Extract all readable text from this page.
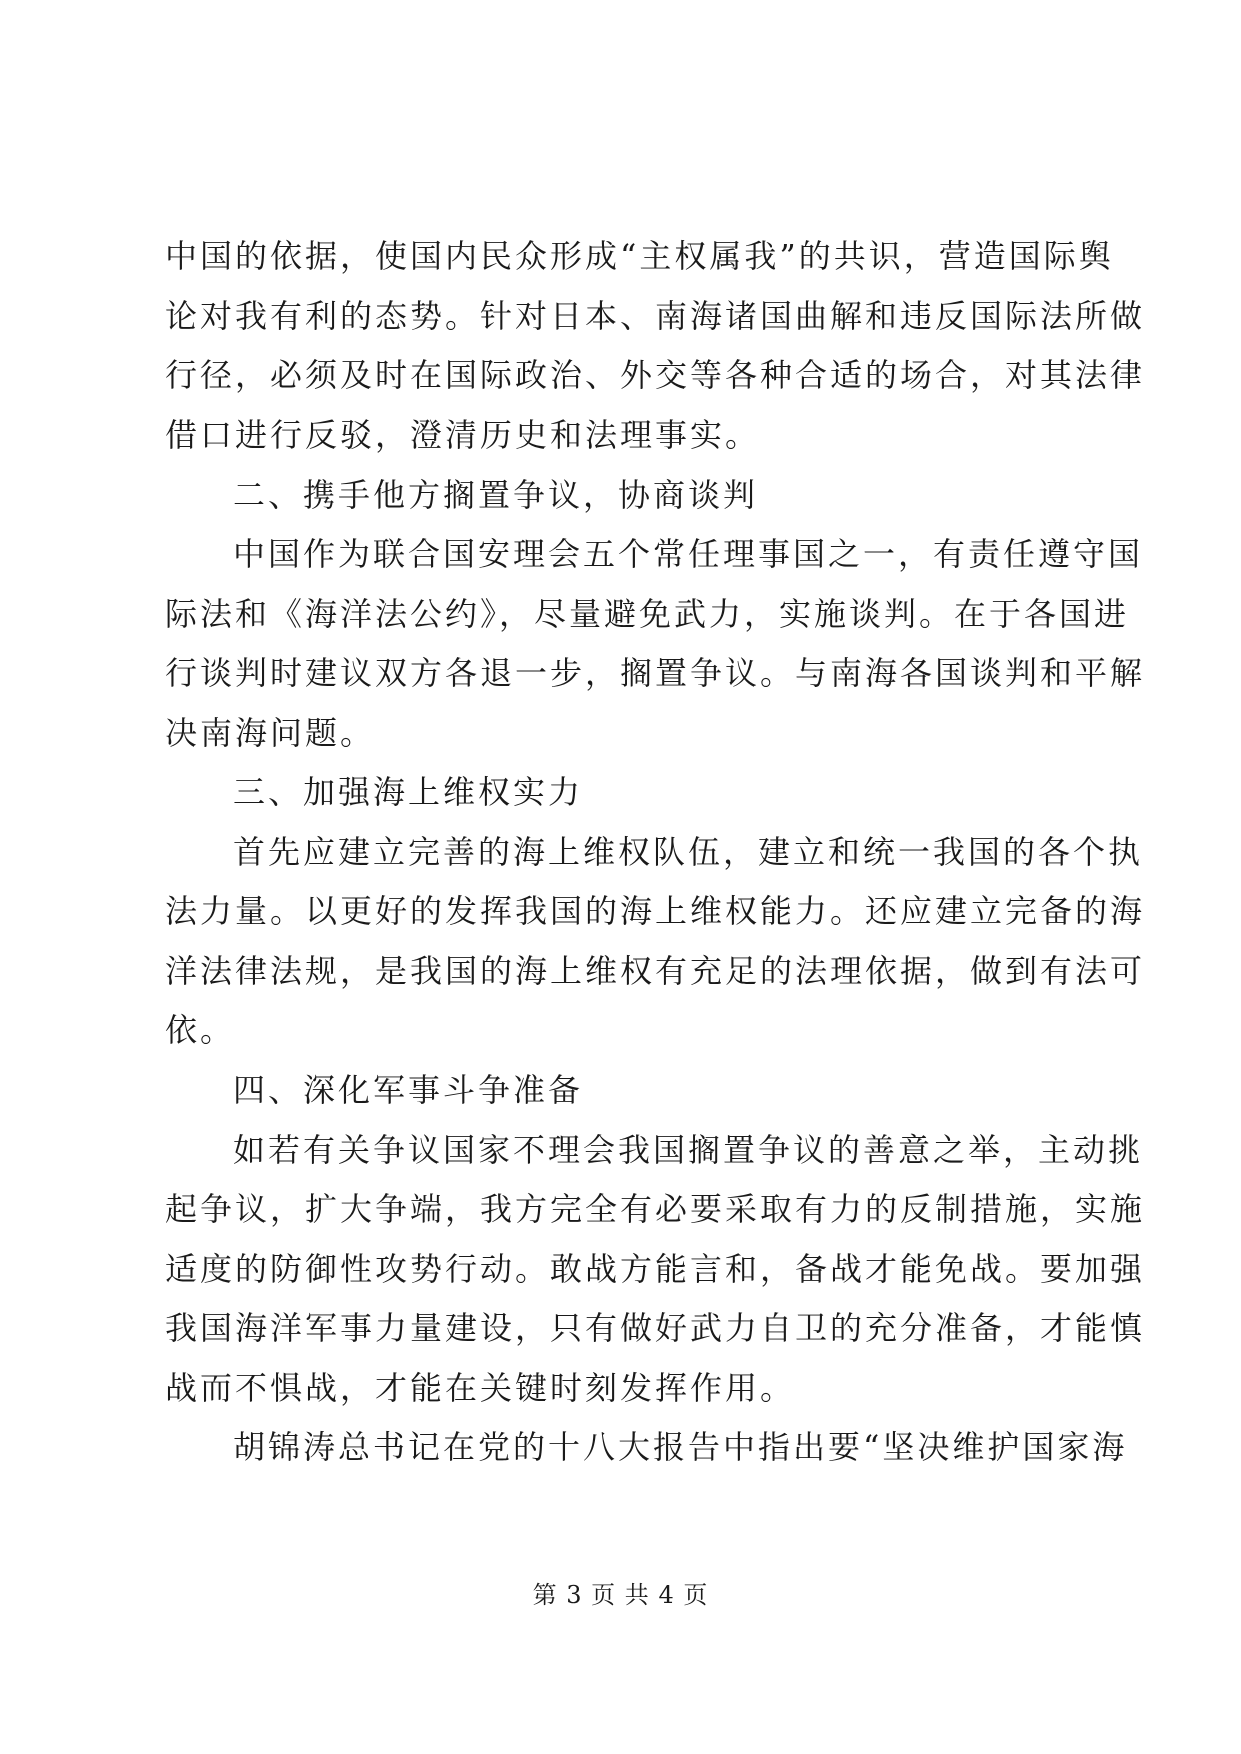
中国的依据，使国内民众形成“主权属我”的共识，营造国际舆
论对我有利的态势。针对日本、南海诸国曲解和违反国际法所做
行径，必须及时在国际政治、外交等各种合适的场合，对其法律
借口进行反驳，澄清历史和法理事实。
二、携手他方搁置争议，协商谈判
中国作为联合国安理会五个常任理事国之一，有责任遵守国
际法和《海洋法公约》，尽量避免武力，实施谈判。在于各国进
行谈判时建议双方各退一步，搁置争议。与南海各国谈判和平解
决南海问题。
三、加强海上维权实力
首先应建立完善的海上维权队伍，建立和统一我国的各个执
法力量。以更好的发挥我国的海上维权能力。还应建立完备的海
洋法律法规，是我国的海上维权有充足的法理依据，做到有法可
依。
四、深化军事斗争准备
如若有关争议国家不理会我国搁置争议的善意之举，主动挑
起争议，扩大争端，我方完全有必要采取有力的反制措施，实施
适度的防御性攻势行动。敢战方能言和，备战才能免战。要加强
我国海洋军事力量建设，只有做好武力自卫的充分准备，才能慎
战而不惧战，才能在关键时刻发挥作用。
胡锦涛总书记在党的十八大报告中指出要“坚决维护国家海
第 3 页 共 4 页
